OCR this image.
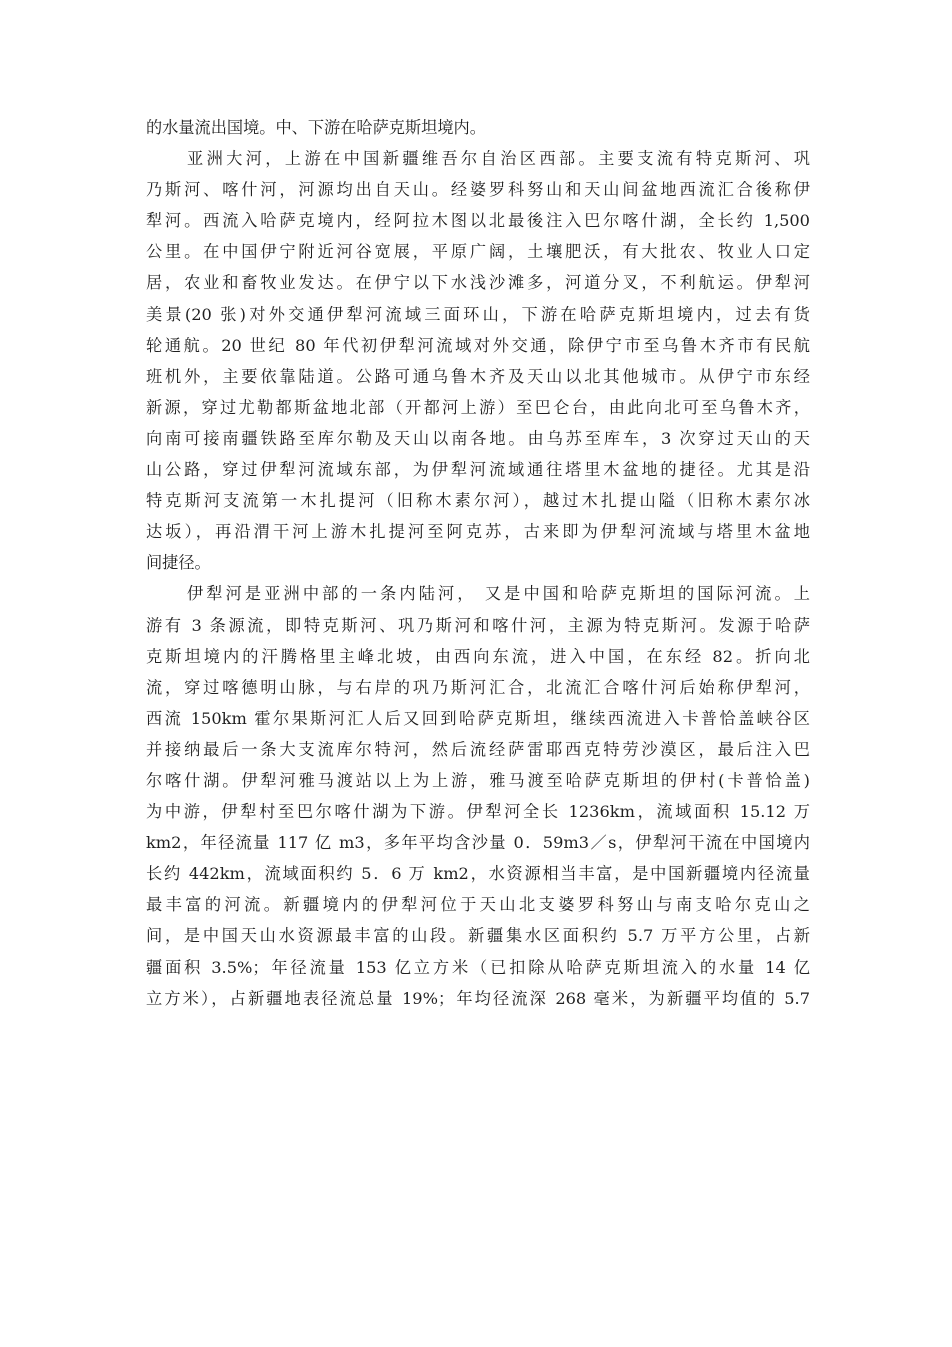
的水量流出国境。中、下游在哈萨克斯坦境内。
亚洲大河，上游在中国新疆维吾尔自治区西部。主要支流有特克斯河、巩
乃斯河、喀什河，河源均出自天山。经婆罗科努山和天山间盆地西流汇合後称伊
犁河。西流入哈萨克境内，经阿拉木图以北最後注入巴尔喀什湖，全长约 1,500
公里。在中国伊宁附近河谷宽展，平原广阔，土壤肥沃，有大批农、牧业人口定
居，农业和畜牧业发达。在伊宁以下水浅沙滩多，河道分叉，不利航运。伊犁河
美景(20 张)对外交通伊犁河流域三面环山，下游在哈萨克斯坦境内，过去有货
轮通航。20 世纪 80 年代初伊犁河流域对外交通，除伊宁市至乌鲁木齐市有民航
班机外，主要依靠陆道。公路可通乌鲁木齐及天山以北其他城市。从伊宁市东经
新源，穿过尤勒都斯盆地北部（开都河上游）至巴仑台，由此向北可至乌鲁木齐，
向南可接南疆铁路至库尔勒及天山以南各地。由乌苏至库车，3 次穿过天山的天
山公路，穿过伊犁河流域东部，为伊犁河流域通往塔里木盆地的捷径。尤其是沿
特克斯河支流第一木扎提河（旧称木素尔河），越过木扎提山隘（旧称木素尔冰
达坂），再沿渭干河上游木扎提河至阿克苏，古来即为伊犁河流域与塔里木盆地
间捷径。
伊犁河是亚洲中部的一条内陆河， 又是中国和哈萨克斯坦的国际河流。上
游有 3 条源流，即特克斯河、巩乃斯河和喀什河，主源为特克斯河。发源于哈萨
克斯坦境内的汗腾格里主峰北坡，由西向东流，进入中国，在东经 82。折向北
流，穿过喀德明山脉，与右岸的巩乃斯河汇合，北流汇合喀什河后始称伊犁河，
西流 150km 霍尔果斯河汇人后又回到哈萨克斯坦，继续西流进入卡普恰盖峡谷区
并接纳最后一条大支流库尔特河，然后流经萨雷耶西克特劳沙漠区，最后注入巴
尔喀什湖。伊犁河雅马渡站以上为上游，雅马渡至哈萨克斯坦的伊村(卡普恰盖)
为中游，伊犁村至巴尔喀什湖为下游。伊犁河全长 1236km，流域面积 15.12 万
km2，年径流量 117 亿 m3，多年平均含沙量 0．59m3／s，伊犁河干流在中国境内
长约 442km，流域面积约 5．6 万 km2，水资源相当丰富，是中国新疆境内径流量
最丰富的河流。新疆境内的伊犁河位于天山北支婆罗科努山与南支哈尔克山之
间，是中国天山水资源最丰富的山段。新疆集水区面积约 5.7 万平方公里，占新
疆面积 3.5%；年径流量 153 亿立方米（已扣除从哈萨克斯坦流入的水量 14 亿
立方米），占新疆地表径流总量 19%；年均径流深 268 毫米，为新疆平均值的 5.7
